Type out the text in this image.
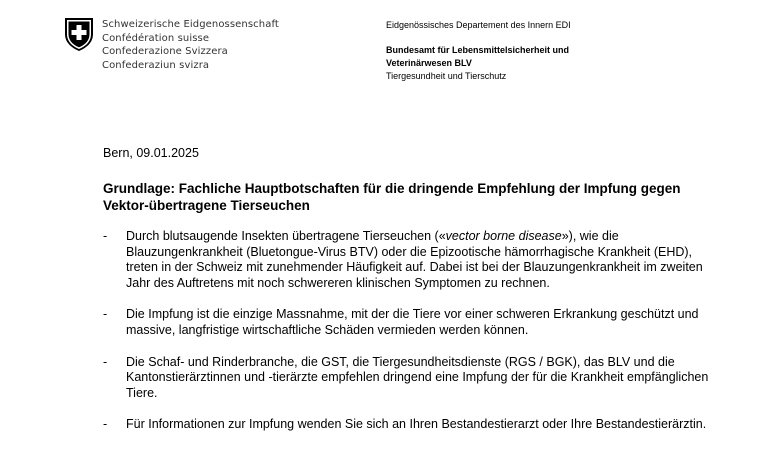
Schweizerische Eidgenossenschaft
Confédération suisse
Confederazione Svizzera
Confederaziun svizra
Eidgenössisches Departement des Innern EDI
Bundesamt für Lebensmittelsicherheit und
Veterinärwesen BLV
Tiergesundheit und Tierschutz
Bern, 09.01.2025
Grundlage: Fachliche Hauptbotschaften für die dringende Empfehlung der Impfung gegen Vektor-übertragene Tierseuchen
- Durch blutsaugende Insekten übertragene Tierseuchen («vector borne disease»), wie die Blauzungenkrankheit (Bluetongue-Virus BTV) oder die Epizootische hämorrhagische Krankheit (EHD), treten in der Schweiz mit zunehmender Häufigkeit auf. Dabei ist bei der Blauzungenkrankheit im zweiten Jahr des Auftretens mit noch schwereren klinischen Symptomen zu rechnen.
- Die Impfung ist die einzige Massnahme, mit der die Tiere vor einer schweren Erkrankung geschützt und massive, langfristige wirtschaftliche Schäden vermieden werden können.
- Die Schaf- und Rinderbranche, die GST, die Tiergesundheitsdienste (RGS / BGK), das BLV und die Kantonstierärztinnen und -tierärzte empfehlen dringend eine Impfung der für die Krankheit empfänglichen Tiere.
- Für Informationen zur Impfung wenden Sie sich an Ihren Bestandestierarzt oder Ihre Bestandestierärztin.
